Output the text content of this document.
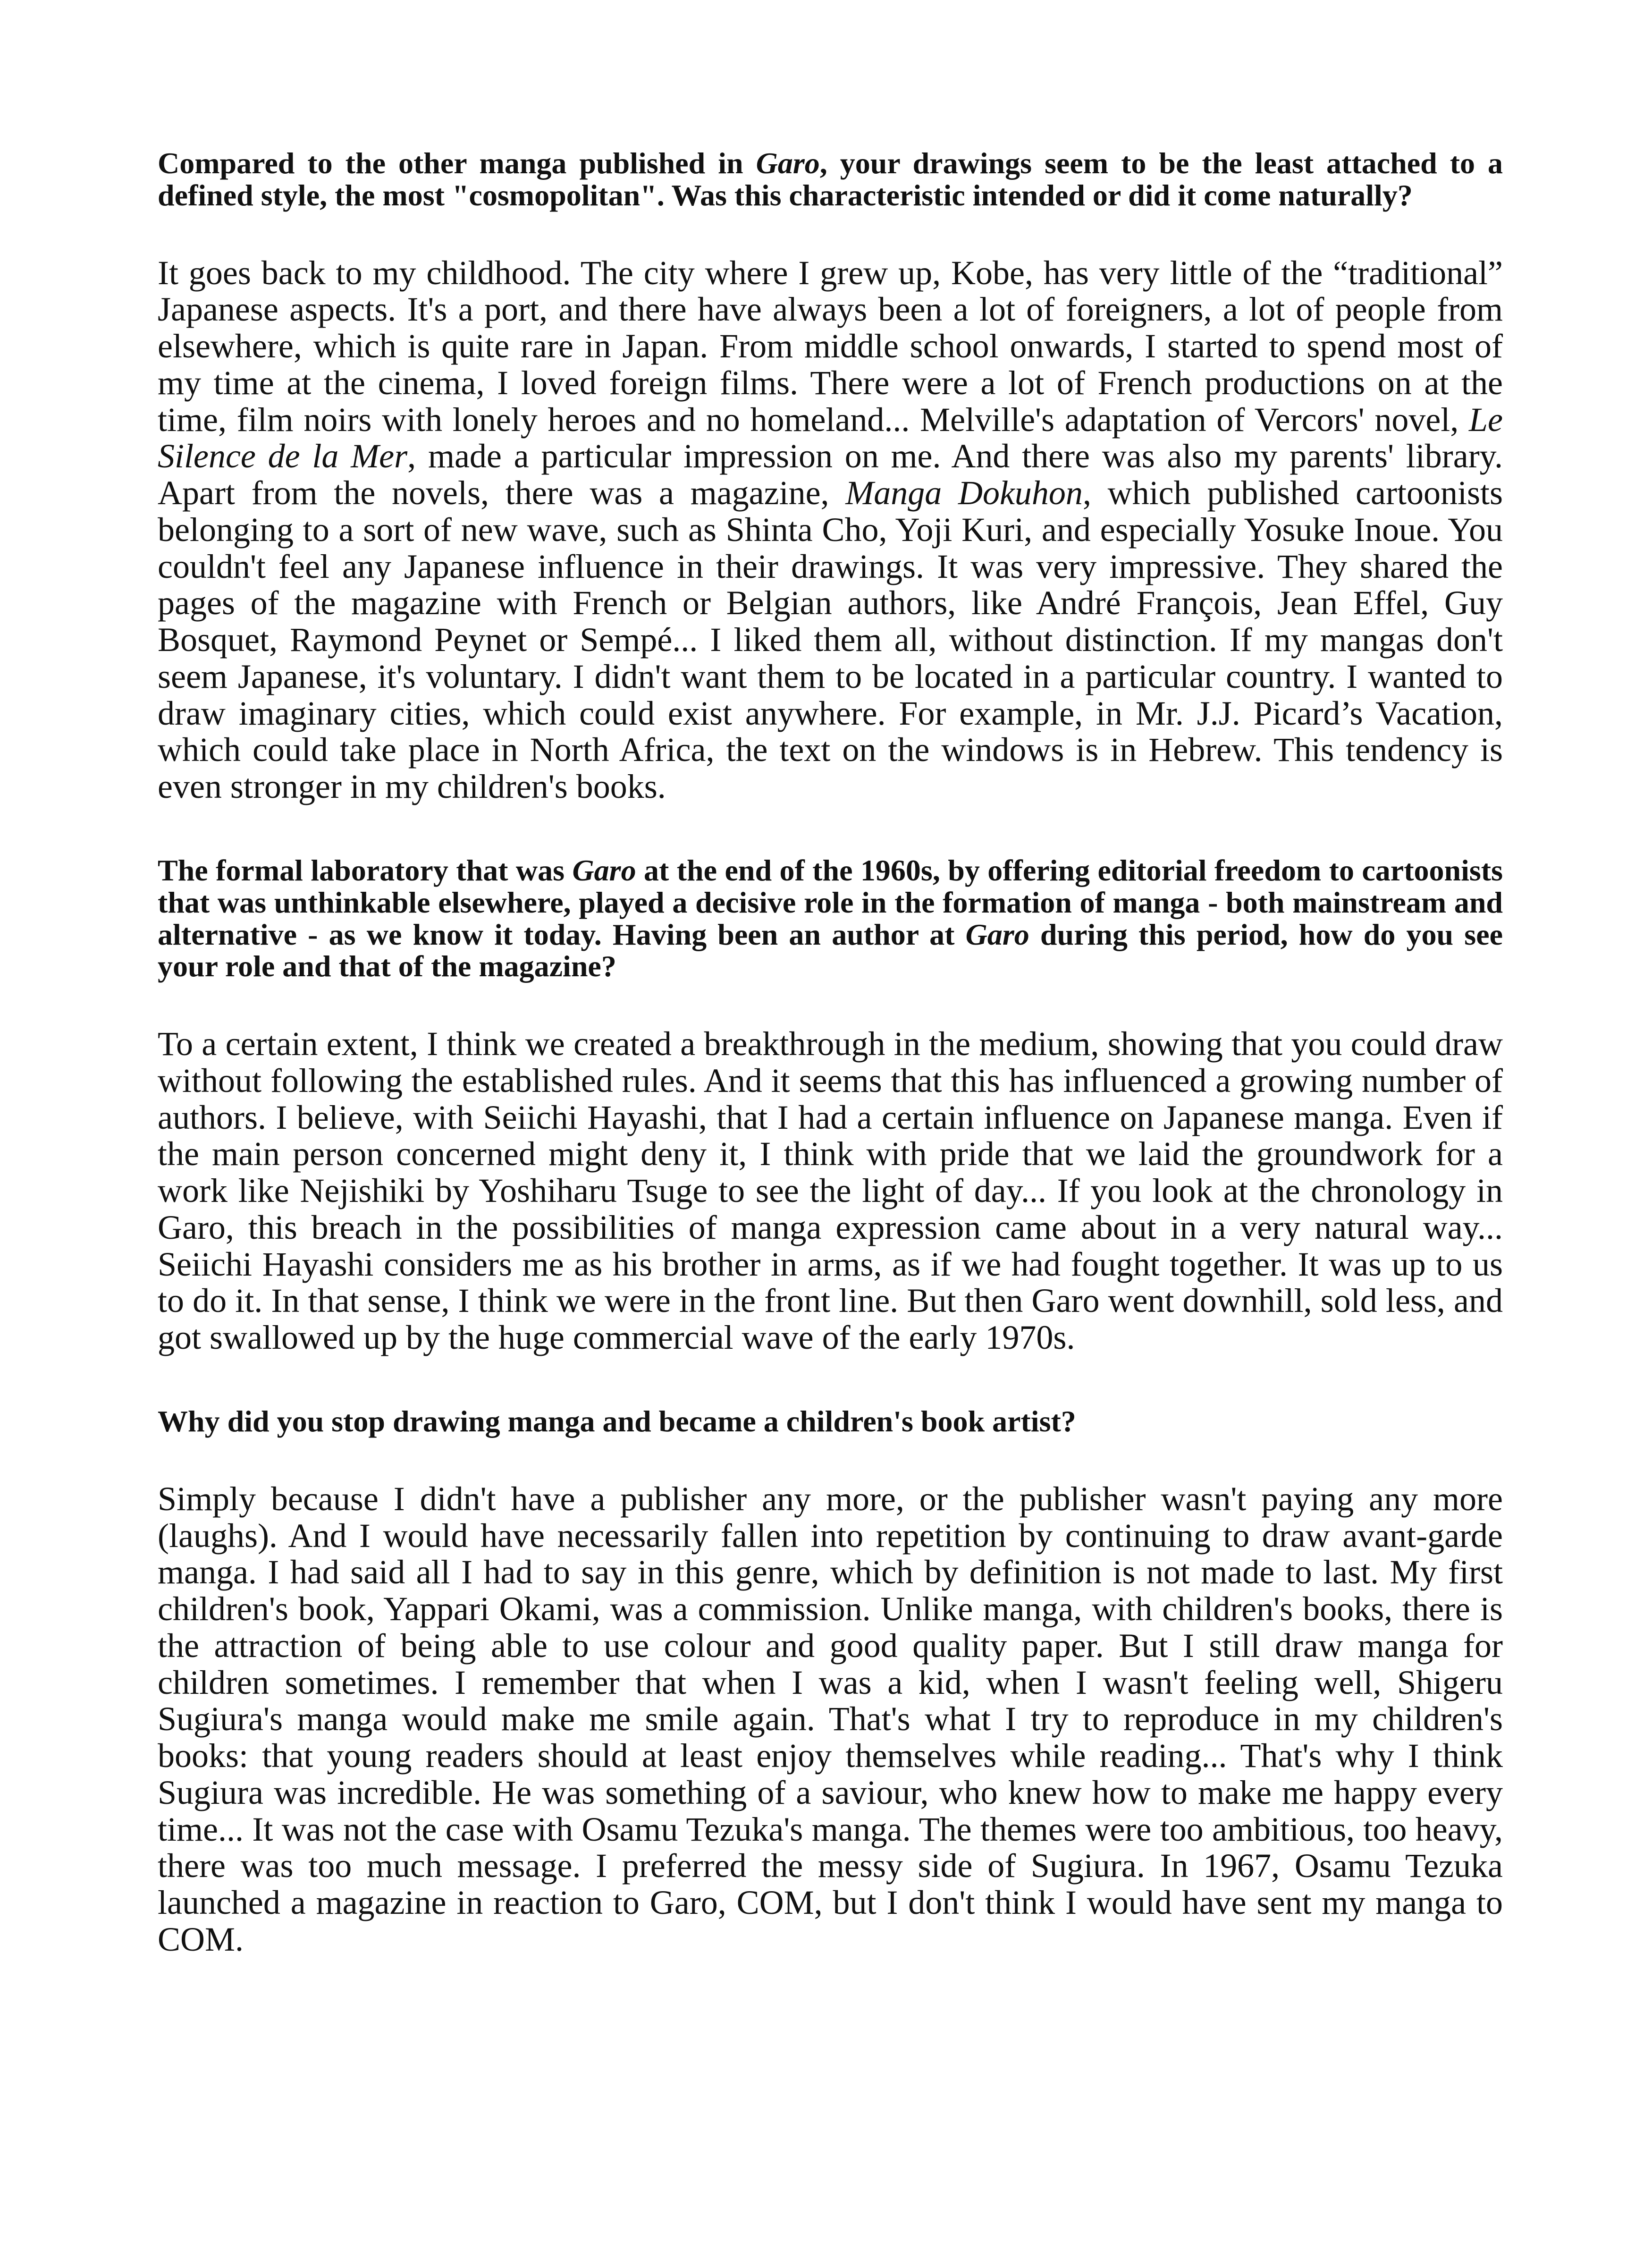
Compared to the other manga published in Garo, your drawings seem to be the least attached to a defined style, the most "cosmopolitan". Was this characteristic intended or did it come naturally?

It goes back to my childhood. The city where I grew up, Kobe, has very little of the “traditional” Japanese aspects. It's a port, and there have always been a lot of foreigners, a lot of people from elsewhere, which is quite rare in Japan. From middle school onwards, I started to spend most of my time at the cinema, I loved foreign films. There were a lot of French productions on at the time, film noirs with lonely heroes and no homeland... Melville's adaptation of Vercors' novel, Le Silence de la Mer, made a particular impression on me. And there was also my parents' library. Apart from the novels, there was a magazine, Manga Dokuhon, which published cartoonists belonging to a sort of new wave, such as Shinta Cho, Yoji Kuri, and especially Yosuke Inoue. You couldn't feel any Japanese influence in their drawings. It was very impressive. They shared the pages of the magazine with French or Belgian authors, like André François, Jean Effel, Guy Bosquet, Raymond Peynet or Sempé... I liked them all, without distinction. If my mangas don't seem Japanese, it's voluntary. I didn't want them to be located in a particular country. I wanted to draw imaginary cities, which could exist anywhere. For example, in Mr. J.J. Picard’s Vacation, which could take place in North Africa, the text on the windows is in Hebrew. This tendency is even stronger in my children's books.

The formal laboratory that was Garo at the end of the 1960s, by offering editorial freedom to cartoonists that was unthinkable elsewhere, played a decisive role in the formation of manga - both mainstream and alternative - as we know it today. Having been an author at Garo during this period, how do you see your role and that of the magazine?

To a certain extent, I think we created a breakthrough in the medium, showing that you could draw without following the established rules. And it seems that this has influenced a growing number of authors. I believe, with Seiichi Hayashi, that I had a certain influence on Japanese manga. Even if the main person concerned might deny it, I think with pride that we laid the groundwork for a work like Nejishiki by Yoshiharu Tsuge to see the light of day... If you look at the chronology in Garo, this breach in the possibilities of manga expression came about in a very natural way... Seiichi Hayashi considers me as his brother in arms, as if we had fought together. It was up to us to do it. In that sense, I think we were in the front line. But then Garo went downhill, sold less, and got swallowed up by the huge commercial wave of the early 1970s.

Why did you stop drawing manga and became a children's book artist?

Simply because I didn't have a publisher any more, or the publisher wasn't paying any more (laughs). And I would have necessarily fallen into repetition by continuing to draw avant-garde manga. I had said all I had to say in this genre, which by definition is not made to last. My first children's book, Yappari Okami, was a commission. Unlike manga, with children's books, there is the attraction of being able to use colour and good quality paper. But I still draw manga for children sometimes. I remember that when I was a kid, when I wasn't feeling well, Shigeru Sugiura's manga would make me smile again. That's what I try to reproduce in my children's books: that young readers should at least enjoy themselves while reading... That's why I think Sugiura was incredible. He was something of a saviour, who knew how to make me happy every time... It was not the case with Osamu Tezuka's manga. The themes were too ambitious, too heavy, there was too much message. I preferred the messy side of Sugiura. In 1967, Osamu Tezuka launched a magazine in reaction to Garo, COM, but I don't think I would have sent my manga to COM.
